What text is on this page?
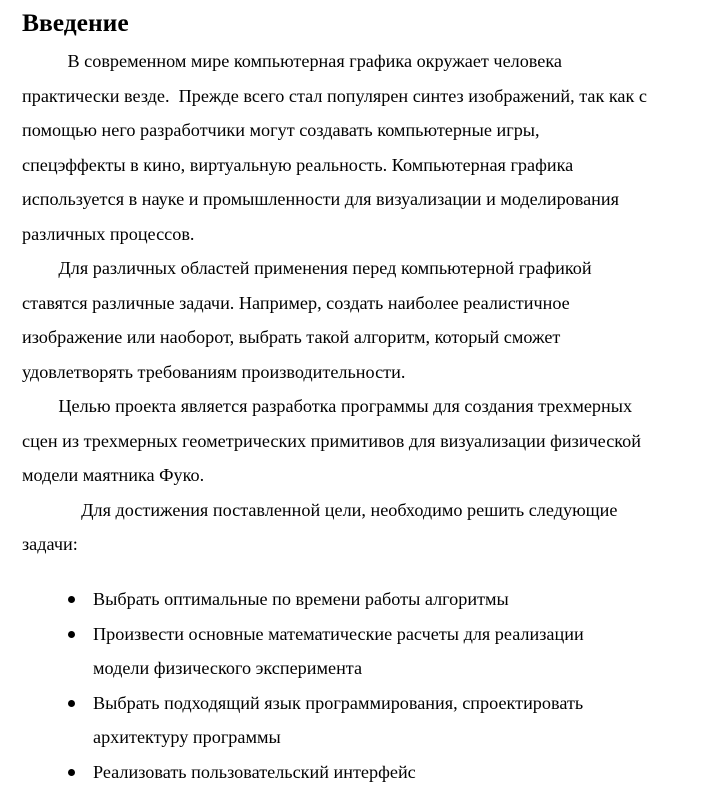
Введение

В современном мире компьютерная графика окружает человека
практически везде.  Прежде всего стал популярен синтез изображений, так как с
помощью него разработчики могут создавать компьютерные игры,
спецэффекты в кино, виртуальную реальность. Компьютерная графика
используется в науке и промышленности для визуализации и моделирования
различных процессов.

Для различных областей применения перед компьютерной графикой
ставятся различные задачи. Например, создать наиболее реалистичное
изображение или наоборот, выбрать такой алгоритм, который сможет
удовлетворять требованиям производительности.

Целью проекта является разработка программы для создания трехмерных
сцен из трехмерных геометрических примитивов для визуализации физической
модели маятника Фуко.

Для достижения поставленной цели, необходимо решить следующие
задачи:

Выбрать оптимальные по времени работы алгоритмы
Произвести основные математические расчеты для реализации
модели физического эксперимента
Выбрать подходящий язык программирования, спроектировать
архитектуру программы
Реализовать пользовательский интерфейс
